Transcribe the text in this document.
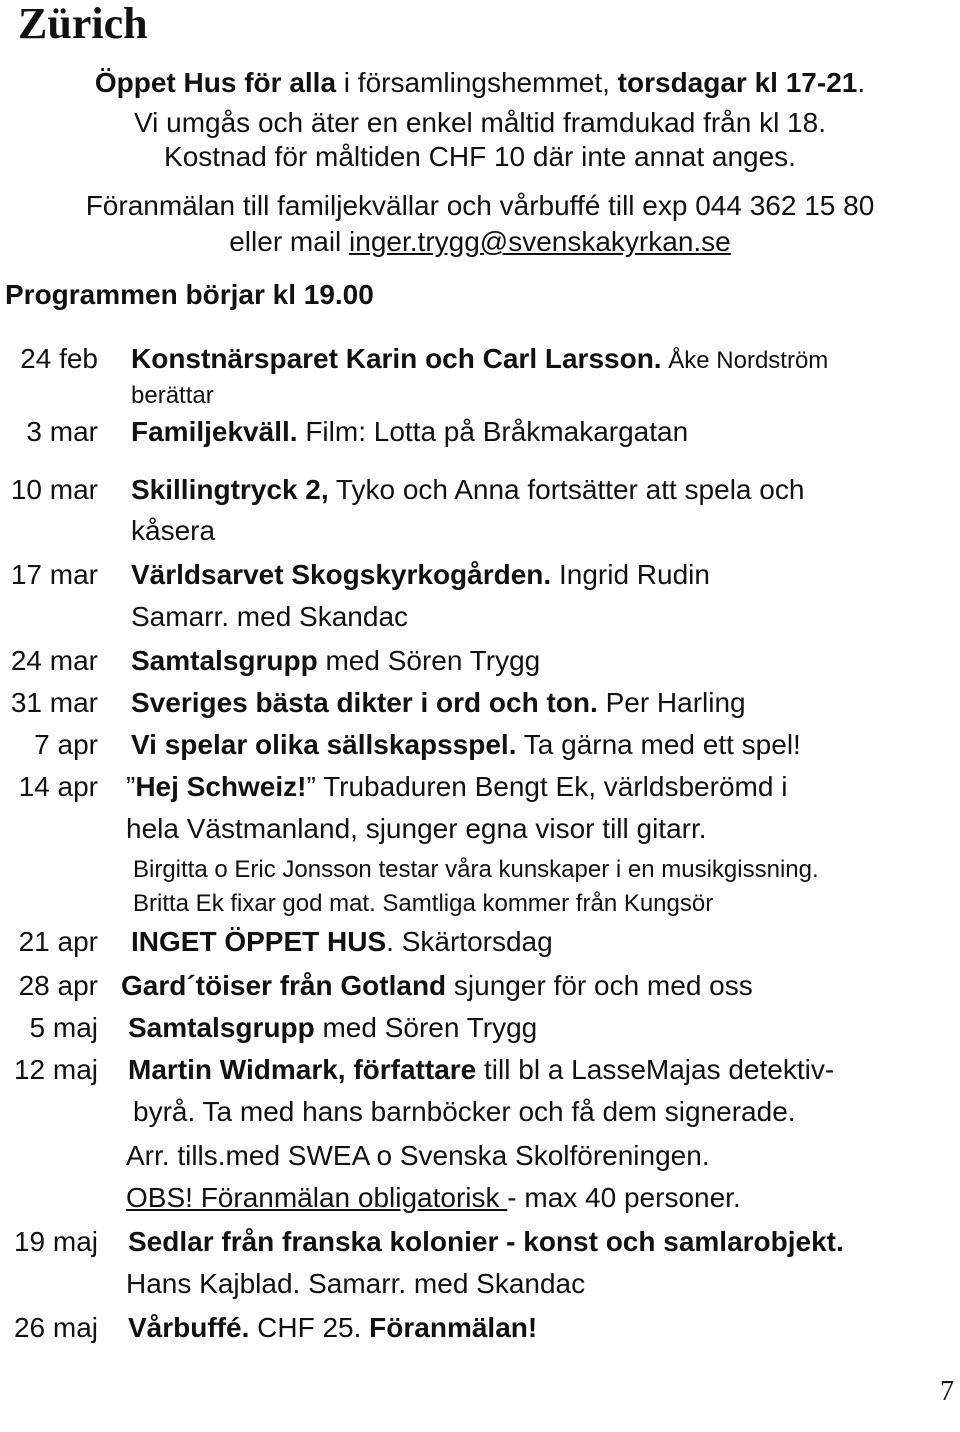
Zürich
Öppet Hus för alla i församlingshemmet, torsdagar kl 17-21.
Vi umgås och äter en enkel måltid framdukad från kl 18.
Kostnad för måltiden CHF 10 där inte annat anges.
Föranmälan till familjekvällar och vårbuffé till exp 044 362 15 80
eller mail inger.trygg@svenskakyrkan.se
Programmen börjar kl 19.00
24 feb Konstnärsparet Karin och Carl Larsson. Åke Nordström
berättar
3 mar Familjekväll. Film: Lotta på Bråkmakargatan
10 mar Skillingtryck 2, Tyko och Anna fortsätter att spela och
kåsera
17 mar Världsarvet Skogskyrkogården. Ingrid Rudin
Samarr. med Skandac
24 mar Samtalsgrupp med Sören Trygg
31 mar Sveriges bästa dikter i ord och ton. Per Harling
7 apr Vi spelar olika sällskapsspel. Ta gärna med ett spel!
14 apr ”Hej Schweiz!” Trubaduren Bengt Ek, världsberömd i
hela Västmanland, sjunger egna visor till gitarr.
Birgitta o Eric Jonsson testar våra kunskaper i en musikgissning.
Britta Ek fixar god mat. Samtliga kommer från Kungsör
21 apr INGET ÖPPET HUS. Skärtorsdag
28 apr Gard´töiser från Gotland sjunger för och med oss
5 maj Samtalsgrupp med Sören Trygg
12 maj Martin Widmark, författare till bl a LasseMajas detektiv-
byrå. Ta med hans barnböcker och få dem signerade.
Arr. tills.med SWEA o Svenska Skolföreningen.
OBS! Föranmälan obligatorisk - max 40 personer.
19 maj Sedlar från franska kolonier - konst och samlarobjekt.
Hans Kajblad. Samarr. med Skandac
26 maj Vårbuffé. CHF 25. Föranmälan!
7
